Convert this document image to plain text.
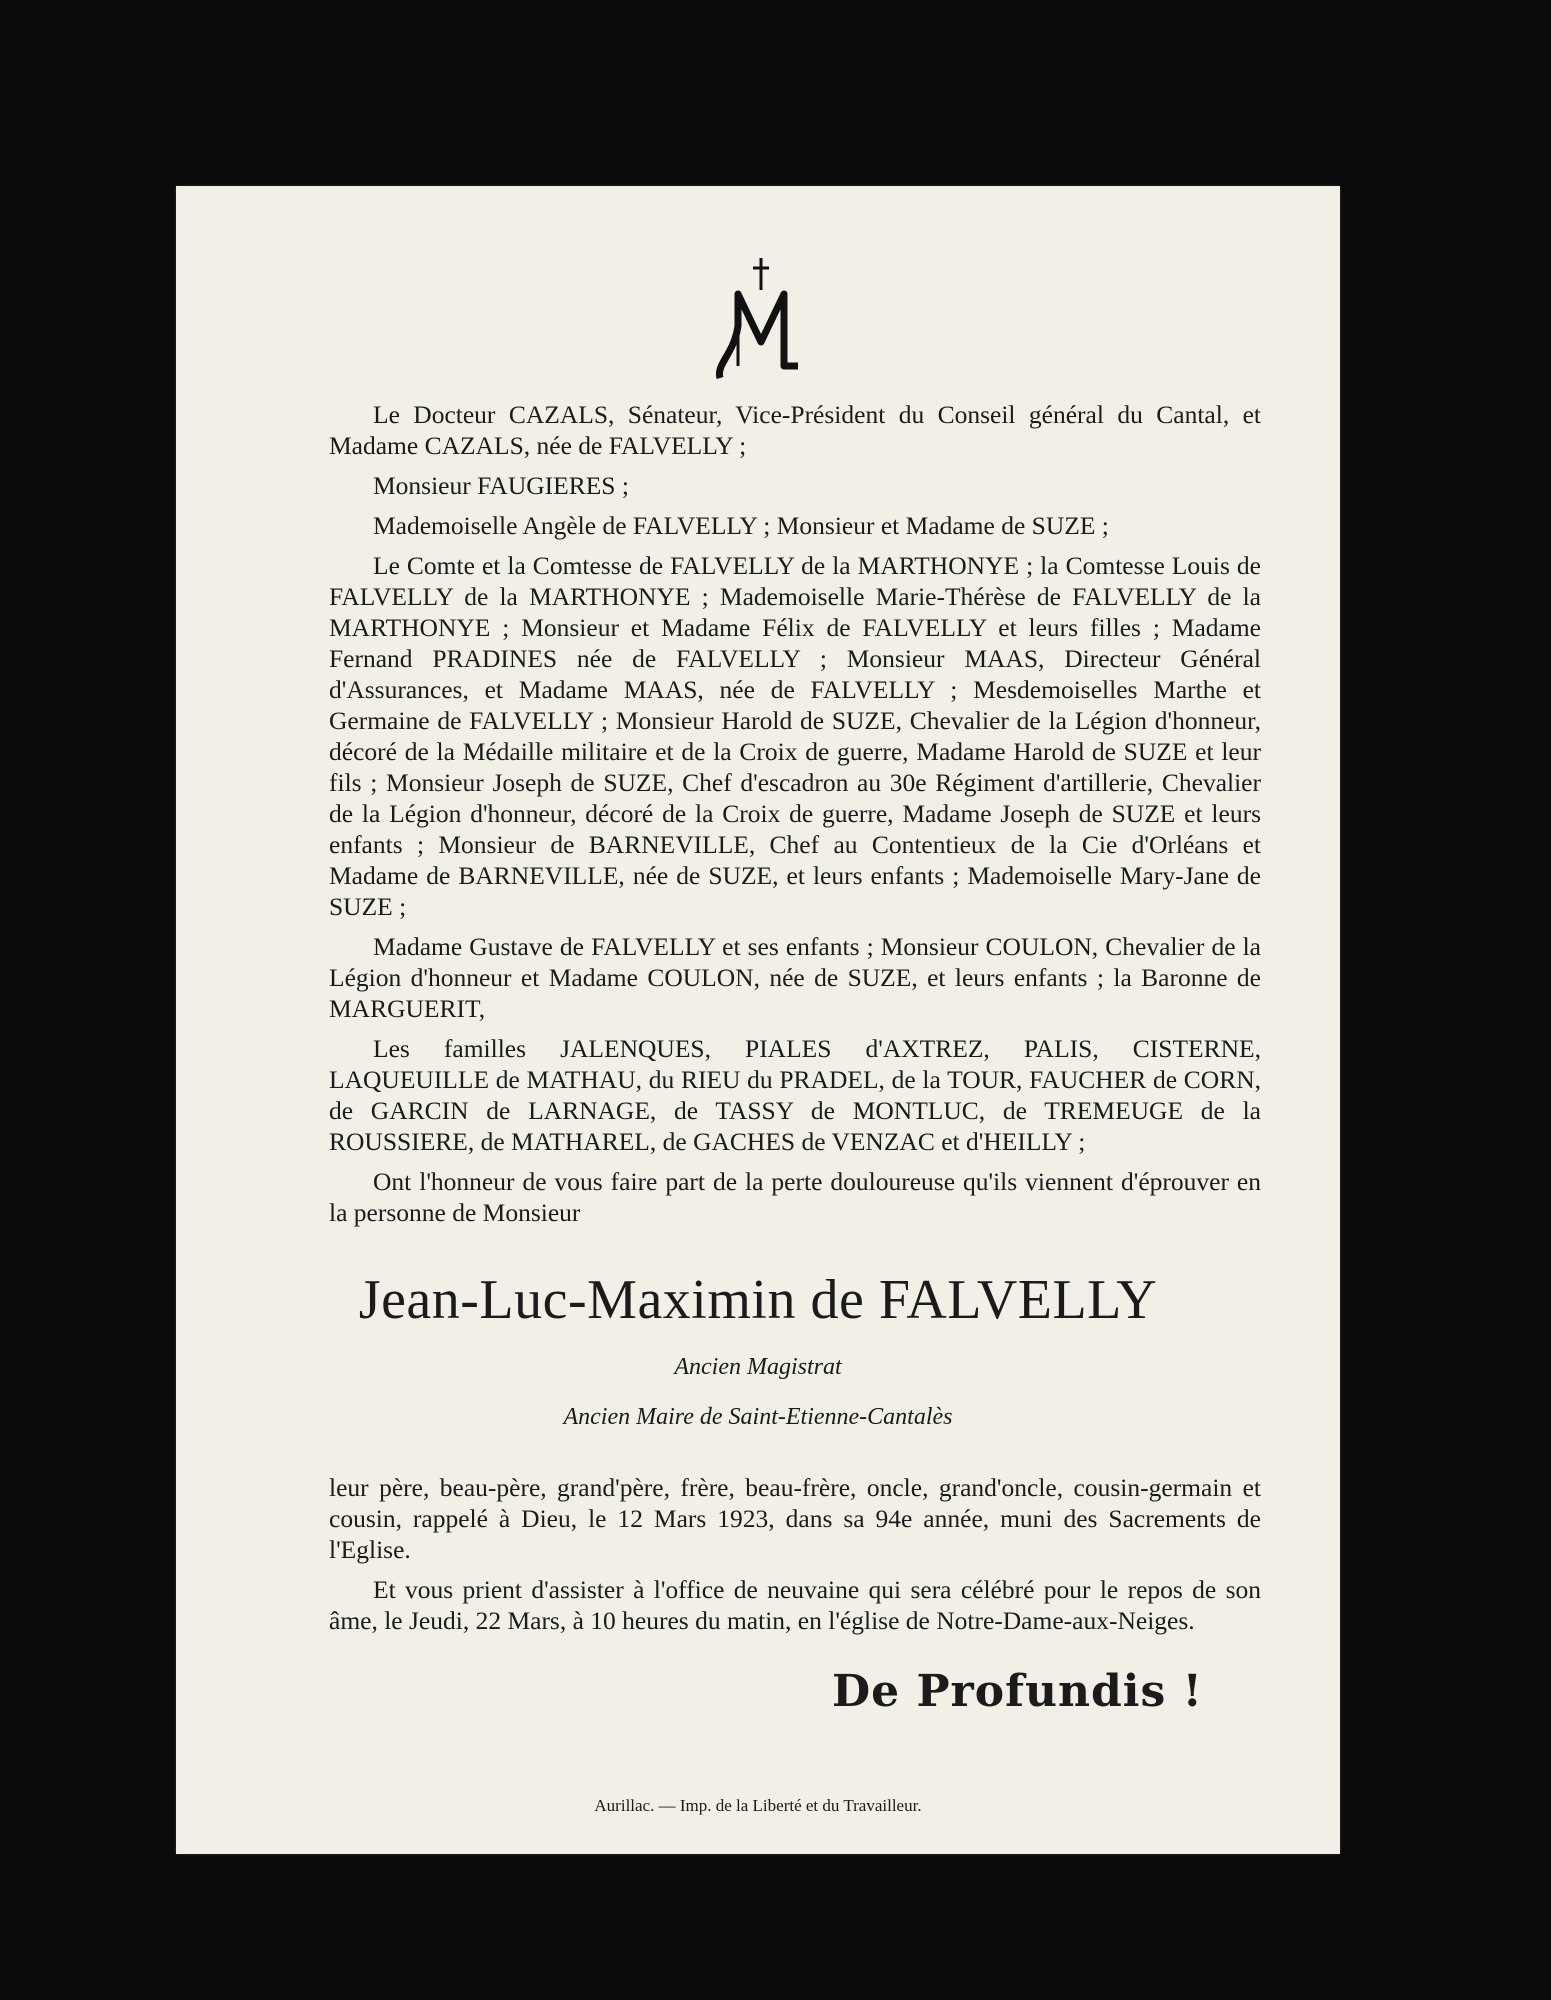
Le Docteur CAZALS, Sénateur, Vice-Président du Conseil général du Cantal, et Madame CAZALS, née de FALVELLY ;

Monsieur FAUGIERES ;

Mademoiselle Angèle de FALVELLY ; Monsieur et Madame de SUZE ;

Le Comte et la Comtesse de FALVELLY de la MARTHONYE ; la Comtesse Louis de FALVELLY de la MARTHONYE ; Mademoiselle Marie-Thérèse de FALVELLY de la MARTHONYE ; Monsieur et Madame Félix de FALVELLY et leurs filles ; Madame Fernand PRADINES née de FALVELLY ; Monsieur MAAS, Directeur Général d'Assurances, et Madame MAAS, née de FALVELLY ; Mesdemoiselles Marthe et Germaine de FALVELLY ; Monsieur Harold de SUZE, Chevalier de la Légion d'honneur, décoré de la Médaille militaire et de la Croix de guerre, Madame Harold de SUZE et leur fils ; Monsieur Joseph de SUZE, Chef d'escadron au 30e Régiment d'artillerie, Chevalier de la Légion d'honneur, décoré de la Croix de guerre, Madame Joseph de SUZE et leurs enfants ; Monsieur de BARNEVILLE, Chef au Contentieux de la Cie d'Orléans et Madame de BARNEVILLE, née de SUZE, et leurs enfants ; Mademoiselle Mary-Jane de SUZE ;

Madame Gustave de FALVELLY et ses enfants ; Monsieur COULON, Chevalier de la Légion d'honneur et Madame COULON, née de SUZE, et leurs enfants ; la Baronne de MARGUERIT,

Les familles JALENQUES, PIALES d'AXTREZ, PALIS, CISTERNE, LAQUEUILLE de MATHAU, du RIEU du PRADEL, de la TOUR, FAUCHER de CORN, de GARCIN de LARNAGE, de TASSY de MONTLUC, de TREMEUGE de la ROUSSIERE, de MATHAREL, de GACHES de VENZAC et d'HEILLY ;

Ont l'honneur de vous faire part de la perte douloureuse qu'ils viennent d'éprouver en la personne de Monsieur

Jean-Luc-Maximin de FALVELLY
Ancien Magistrat
Ancien Maire de Saint-Etienne-Cantalès

leur père, beau-père, grand'père, frère, beau-frère, oncle, grand'oncle, cousin-germain et cousin, rappelé à Dieu, le 12 Mars 1923, dans sa 94e année, muni des Sacrements de l'Eglise.

Et vous prient d'assister à l'office de neuvaine qui sera célébré pour le repos de son âme, le Jeudi, 22 Mars, à 10 heures du matin, en l'église de Notre-Dame-aux-Neiges.

De Profundis !
Aurillac. — Imp. de la Liberté et du Travailleur.
